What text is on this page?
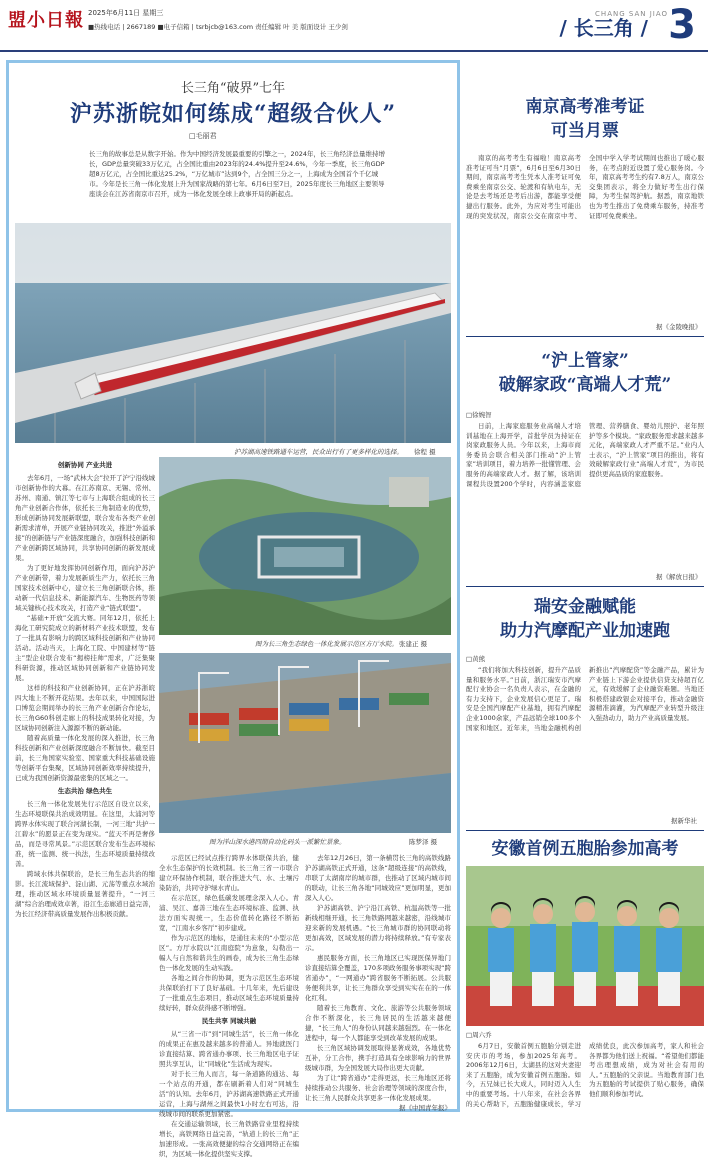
盟小日報 2025年6月11日 星期三
■热线电话 | 2667189 ■电子信箱 | tsrbjcb@163.com 责任编辑 叶 美 版面设计 王少剑
CHANG SAN JIAO
/ 长三角 / 3
长三角“破界”七年
沪苏浙皖如何练成“超级合伙人”
□毛丽君
长三角的故事总是从数字开始。作为中国经济发展最重要的引擎之一，2024年，长三角经济总量维持增长，GDP总量突破33万亿元，占全国比重由2023年的24.4%提升至24.6%，今年一季度，长三角GDP超8万亿元，占全国比重达25.2%，“万亿城市”达到9个，占全国三分之一，上海成为全国首个千亿城市。今年是长三角一体化发展上升为国家战略的第七年。6月6日至7日，2025年度长三角地区主要领导座谈会在江苏省南京市召开，成为一体化发展全球上政事开局的新起点。
沪苏湖高速铁路通车运营，民众出行有了更多样化的选择。 徐程 摄

创新协同 产业共进

去年6月，一场“武林大会”拉开了沪宁沿线城市创新协作的大幕。在江苏南京、无锡、常州、苏州、南通、镇江等七市与上海联合组成的长三角产业创新合作体，依托长三角制造业的优势，形成创新协同发展新联盟，联合发布各类产业创新需求清单，开展产业链协同攻关，推进“外溢承接”的创新链与产业链深度融合，加强科技创新和产业创新跨区域协同，共享协同创新的新发展成果。

为了更好地发挥协同创新作用，面向沪苏沪产业创新带，着力发展新质生产力，依托长三角国家技术创新中心，建立长三角创新联合体，推动新一代信息技术、新能源汽车、生物医药等领域关键核心技术攻关，打造产业“链式联盟”。

“基础+开放”交流大赛。同年12月，依托上海化工研究院成立的新材料产业技术联盟，发布了一批具有影响力的跨区域科技创新和产业协同活动。活动当天，上海化工院、中国建材等“链主”型企业联合发布“揭榜挂帅”需求，广泛集聚科研资源，推动区域协同创新和产业链协同发展。

这样的科技和产业创新协同，正在沪苏浙皖四大地上不断开花结果。去年以来，中国国际进口博览会期间举办的长三角产业创新合作论坛，长三角G60科创走廊上的科技成果转化对接，为区域协同创新注入源源不断的新动能。

随着高质量一体化发展的深入推进，长三角科技创新和产业创新深度融合不断加快。截至目前，长三角国家实验室、国家重大科技基础设施等创新平台集聚，区域协同创新效率持续提升，已成为我国创新资源最密集的区域之一。

生态共治 绿色共生

长三角一体化发展先行示范区自设立以来，生态环境联保共治成效明显。在这里，太浦河等跨界水体实现了联合河湖长制，一河三地“共护一江碧水”的愿景正在变为现实。“蓝天不再是奢侈品，而是寻常风景。”示范区联合发布生态环境标准，统一监测、统一执法，生态环境质量持续改善。

跨域水体共保联治，是长三角生态共治的缩影。长江流域保护、淀山湖、元荡等重点水域治理，推动区域水环境质量显著提升，“一河三湖”综合治理成效卓著，沿江生态廊道日益完善，为长江经济带高质量发展作出积极贡献。

图为长三角生态绿色一体化发展示范区方厅水院。 张建正 摄
图为洋山深水港四期自动化码头一派繁忙景象。	陈梦泽 摄

示范区已经试点推行跨界水体联保共治，健全水生态保护的长效机制。长三角三省一市联合建立环保协作机制，联合推进大气、水、土壤污染防治，共同守护绿水青山。

在示范区，绿色低碳发展理念深入人心。青浦、吴江、嘉善三地在生态环境标准、监测、执法方面实现统一，生态价值转化路径不断拓宽，“江南水乡客厅”初步建成。

作为示范区的地标，是通往未来的“小型示范区”。方厅水院以“江南庭院”为意象，勾勒出一幅人与自然和谐共生的画卷，成为长三角生态绿色一体化发展的生动实践。

各地之间合作的协调，更为示范区生态环境共保联治打下了良好基础。十几年来，先后建设了一批重点生态项目，推动区域生态环境质量持续好转，群众获得感不断增强。

民生共享 同城共融

从“三省一市”到“同城生活”，长三角一体化的成果正在惠及越来越多的普通人。异地就医门诊直接结算、跨省通办事项、长三角地区电子证照共享互认，让“同城化”生活成为现实。

对于长三角人而言，每一条道路的通达、每一个站点的开通，都在刷新着人们对“同城生活”的认知。去年6月，沪苏湖高速铁路正式开通运营，上海与湖州之间最快1小时左右可达，沿线城市间的联系更加紧密。

在交通运输领域，长三角铁路营业里程持续增长，高铁网络日益完善，“轨道上的长三角”正加速形成。一张高效便捷的综合交通网络正在编织，为区域一体化提供坚实支撑。

去年12月26日，第一条横贯长三角的高铁线路沪苏湖高铁正式开通，这条“超级连接”的高铁线，串联了太湖南岸的城市群，也推动了区域内城市间的联动，让长三角各地“同城效应”更加明显，更加深入人心。

沪苏湖高铁、沪宁沿江高铁、杭温高铁等一批新线相继开通，长三角铁路网越来越密，沿线城市迎来新的发展机遇。“长三角城市群的协同联动将更加高效，区域发展的潜力将持续释放。”有专家表示。

惠民服务方面，长三角地区已实现医保异地门诊直接结算全覆盖，170多项政务服务事项实现“跨省通办”，“一网通办”跨省服务不断拓展。公共服务便利共享，让长三角群众享受到实实在在的一体化红利。

随着长三角教育、文化、旅游等公共服务领域合作不断深化，长三角居民的生活越来越便捷，“长三角人”的身份认同越来越强烈。在一体化进程中，每一个人都能享受到改革发展的成果。

长三角区域协调发展取得显著成效，各地优势互补，分工合作，携手打造具有全球影响力的世界级城市群，为全国发展大局作出更大贡献。

为了让“跨省通办”走得更远，长三角地区还将持续推动公共服务、社会治理等领域的深度合作，让长三角人民群众共享更多一体化发展成果。

据《中国青年报》

南京高考准考证
可当月票

南京的高考考生有福啦！南京高考准考证可当“月票”，6月6日至6月30日期间，南京高考考生凭本人准考证可免费乘坐南京公交、轮渡和有轨电车，无论是去考场还是考后出游，都能享受便捷出行服务。此外，为应对考生可能出现的突发状况，南京公交在南京中考、全国中学入学考试期间也推出了暖心服务，在考点附近设置了爱心服务岗。今年，南京高考考生约有7.8万人，南京公交集团表示，将全力做好考生出行保障，为考生保驾护航。据悉，南京地铁也为考生推出了免费乘车服务，持准考证即可免费乘坐。

据《金陵晚报》
“沪上管家”
破解家政“高端人才荒”
□徐婉智

日前，上海家庭服务业高端人才培训基地在上海开学，首批学员为持证在岗家政服务人员。今年以来，上海市商务委员会联合相关部门推动“沪上管家”培训项目，着力培养一批懂管理、会服务的高端家政人才。据了解，该培训课程共设置200个学时，内容涵盖家庭管理、营养膳食、婴幼儿照护、老年照护等多个模块。“家政服务需求越来越多元化，高端家政人才严重不足。”业内人士表示，“沪上管家”项目的推出，将有效破解家政行业“高端人才荒”，为市民提供更高品质的家庭服务。

据《解放日报》
瑞安金融赋能
助力汽摩配产业加速跑
□黄熊

“我们将加大科技创新，提升产品质量和服务水平。”日前，浙江瑞安市汽摩配行业协会一名负责人表示，在金融的有力支持下，企业发展信心更足了。瑞安是全国汽摩配产业基地，拥有汽摩配企业1000余家，产品远销全球100多个国家和地区。近年来，当地金融机构创新推出“汽摩配贷”等金融产品，累计为产业链上下游企业提供信贷支持超百亿元，有效缓解了企业融资难题。当地还积极搭建政银企对接平台，推动金融资源精准滴灌，为汽摩配产业转型升级注入强劲动力，助力产业高质量发展。

据新华社
安徽首例五胞胎参加高考
□周六乔

6月7日，安徽首例五胞胎分别走进安庆市的考场，参加2025年高考。2006年12月6日，太湖县的这对夫妻迎来了五胞胎，成为安徽首例五胞胎。如今，五兄妹已长大成人，同时迈入人生中的重要考场。十八年来，在社会各界的关心帮助下，五胞胎健康成长，学习成绩优良，此次参加高考，家人和社会各界都为他们送上祝福。“希望他们都能考出理想成绩，成为对社会有用的人。”五胞胎的父亲说。当地教育部门也为五胞胎的考试提供了贴心服务，确保他们顺利参加考试。
